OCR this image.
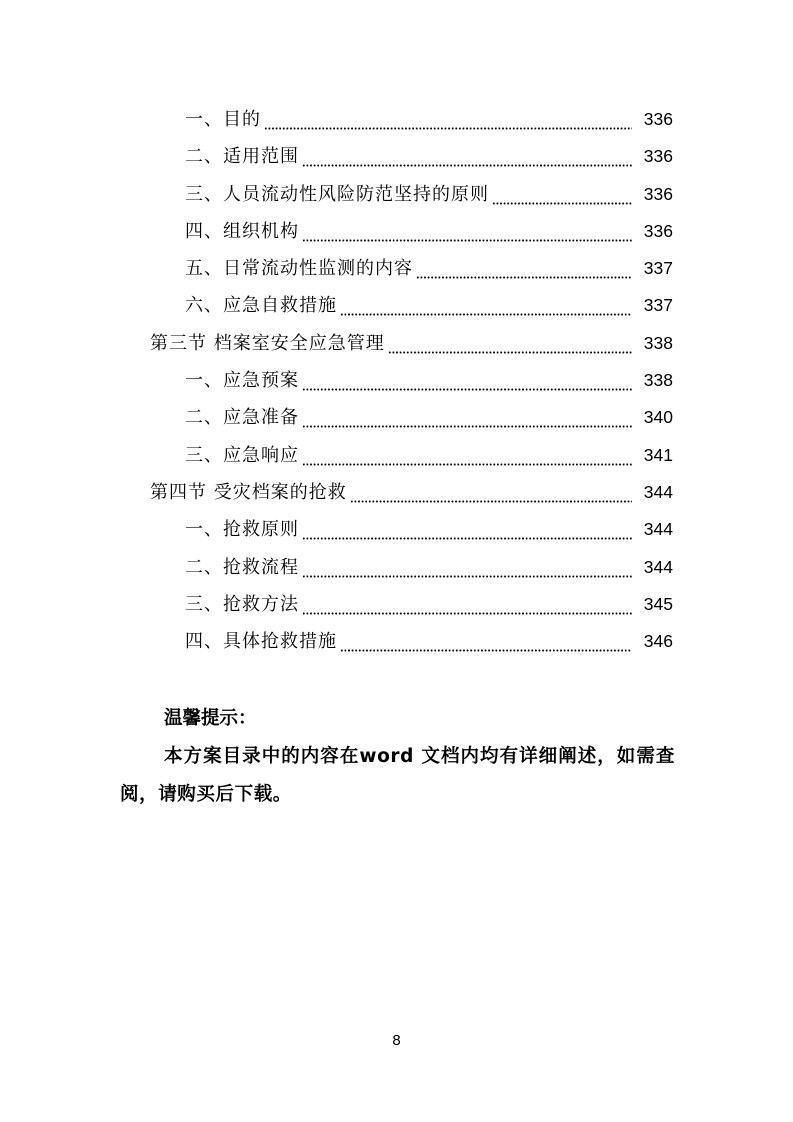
一、目的	336
二、适用范围	336
三、人员流动性风险防范坚持的原则	336
四、组织机构	336
五、日常流动性监测的内容	337
六、应急自救措施	337
第三节 档案室安全应急管理	338
一、应急预案	338
二、应急准备	340
三、应急响应	341
第四节 受灾档案的抢救	344
一、抢救原则	344
二、抢救流程	344
三、抢救方法	345
四、具体抢救措施	346
温馨提示：
本方案目录中的内容在word 文档内均有详细阐述，如需查阅，请购买后下载。
8
